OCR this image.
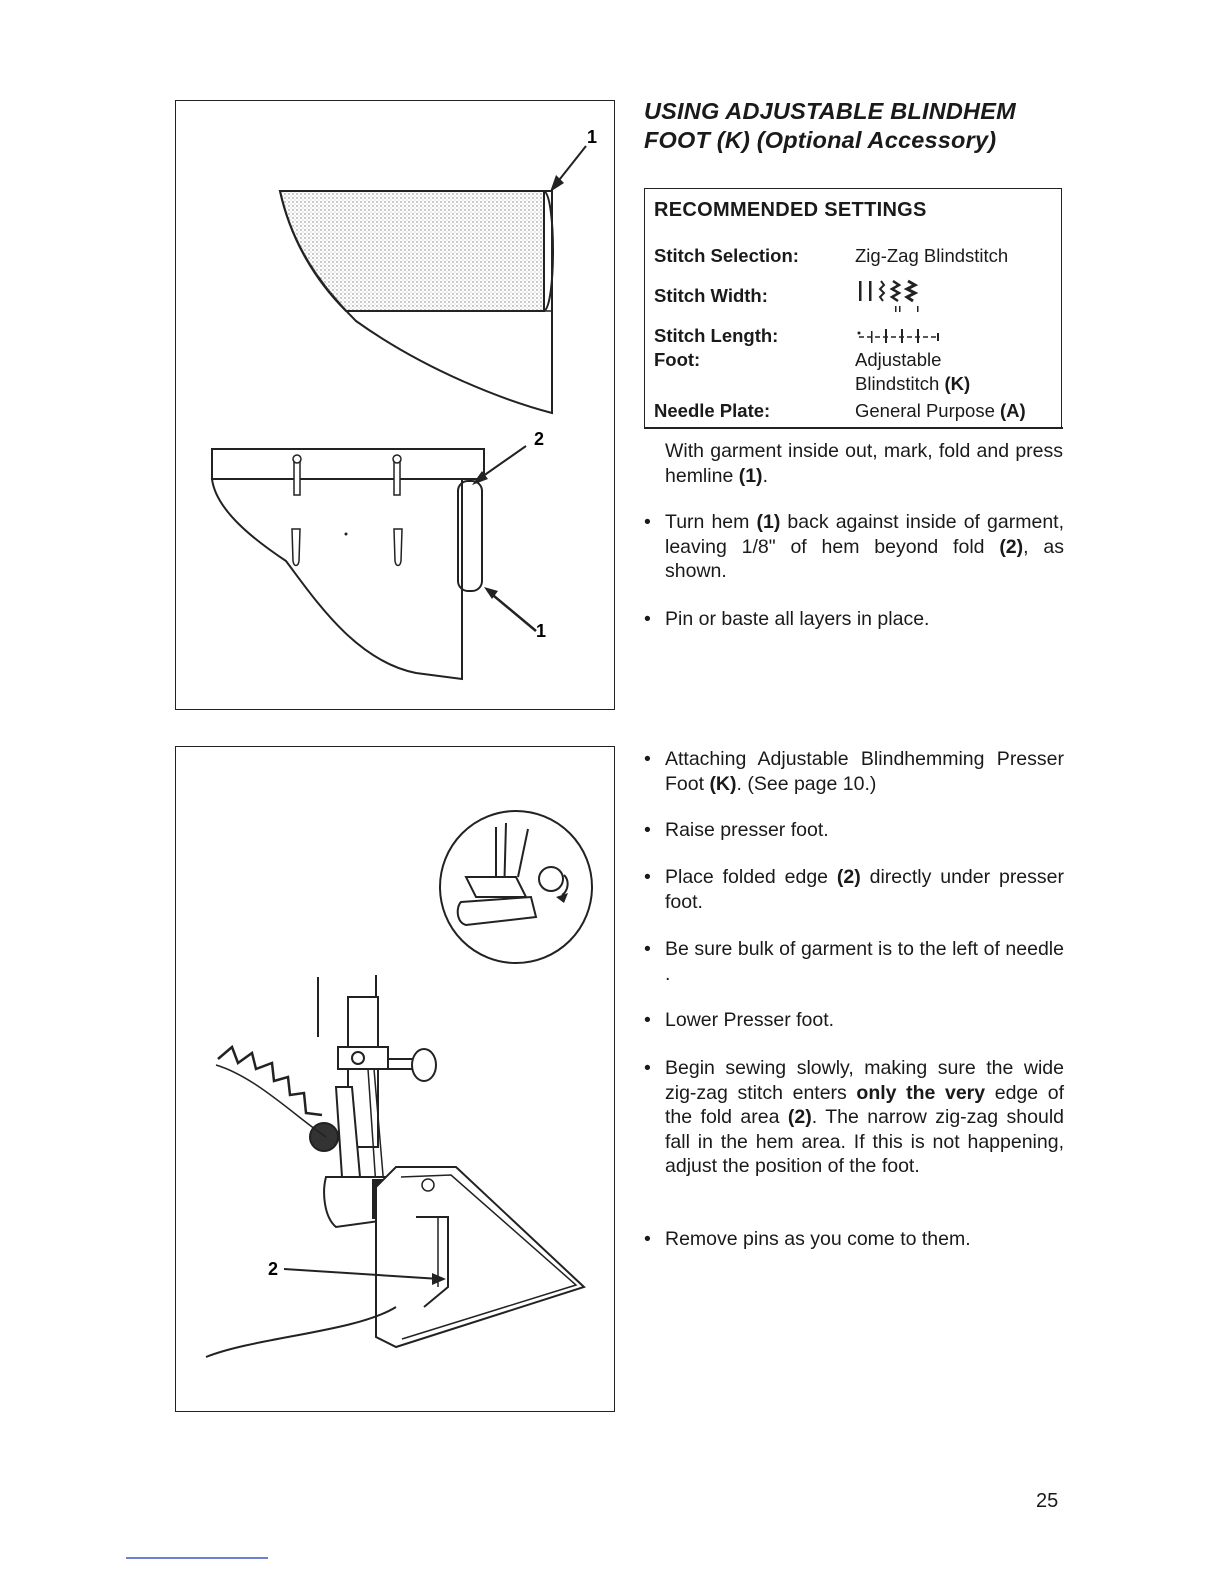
1
2
1
2
USING ADJUSTABLE BLINDHEM
FOOT (K) (Optional Accessory)
RECOMMENDED SETTINGS
Stitch Selection:	Zig-Zag Blindstitch
Stitch Width:
Stitch Length:
Foot:	Adjustable
Blindstitch (K)
Needle Plate:	General Purpose (A)
With garment inside out, mark, fold and press hemline (1).
• Turn hem (1) back against inside of garment, leaving 1/8" of hem beyond fold (2), as shown.
• Pin or baste all layers in place.
• Attaching Adjustable Blindhemming Presser Foot (K). (See page 10.)
• Raise presser foot.
• Place folded edge (2) directly under presser foot.
• Be sure bulk of garment is to the left of needle .
• Lower Presser foot.
• Begin sewing slowly, making sure the wide zig-zag stitch enters only the very edge of the fold area (2). The narrow zig-zag should fall in the hem area. If this is not happening, adjust the position of the foot.
• Remove pins as you come to them.
25
